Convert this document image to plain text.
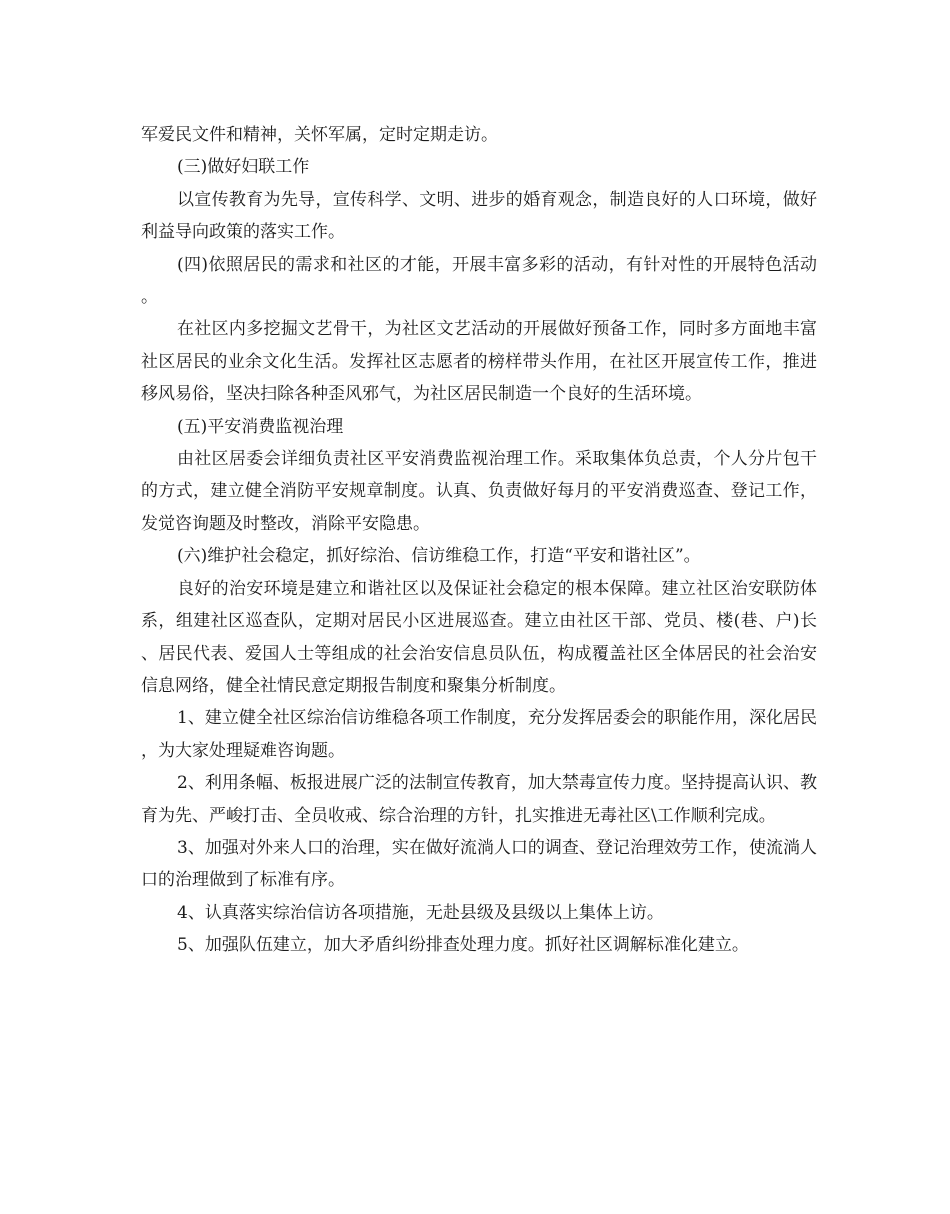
军爱民文件和精神，关怀军属，定时定期走访。

(三)做好妇联工作

以宣传教育为先导，宣传科学、文明、进步的婚育观念，制造良好的人口环境，做好利益导向政策的落实工作。

(四)依照居民的需求和社区的才能，开展丰富多彩的活动，有针对性的开展特色活动。

在社区内多挖掘文艺骨干，为社区文艺活动的开展做好预备工作，同时多方面地丰富社区居民的业余文化生活。发挥社区志愿者的榜样带头作用，在社区开展宣传工作，推进移风易俗，坚决扫除各种歪风邪气，为社区居民制造一个良好的生活环境。

(五)平安消费监视治理

由社区居委会详细负责社区平安消费监视治理工作。采取集体负总责，个人分片包干的方式，建立健全消防平安规章制度。认真、负责做好每月的平安消费巡查、登记工作，发觉咨询题及时整改，消除平安隐患。

(六)维护社会稳定，抓好综治、信访维稳工作，打造“平安和谐社区”。

良好的治安环境是建立和谐社区以及保证社会稳定的根本保障。建立社区治安联防体系，组建社区巡查队，定期对居民小区进展巡查。建立由社区干部、党员、楼(巷、户)长、居民代表、爱国人士等组成的社会治安信息员队伍，构成覆盖社区全体居民的社会治安信息网络，健全社情民意定期报告制度和聚集分析制度。

1、建立健全社区综治信访维稳各项工作制度，充分发挥居委会的职能作用，深化居民，为大家处理疑难咨询题。

2、利用条幅、板报进展广泛的法制宣传教育，加大禁毒宣传力度。坚持提高认识、教育为先、严峻打击、全员收戒、综合治理的方针，扎实推进无毒社区\工作顺利完成。

3、加强对外来人口的治理，实在做好流淌人口的调查、登记治理效劳工作，使流淌人口的治理做到了标准有序。

4、认真落实综治信访各项措施，无赴县级及县级以上集体上访。

5、加强队伍建立，加大矛盾纠纷排查处理力度。抓好社区调解标准化建立。
